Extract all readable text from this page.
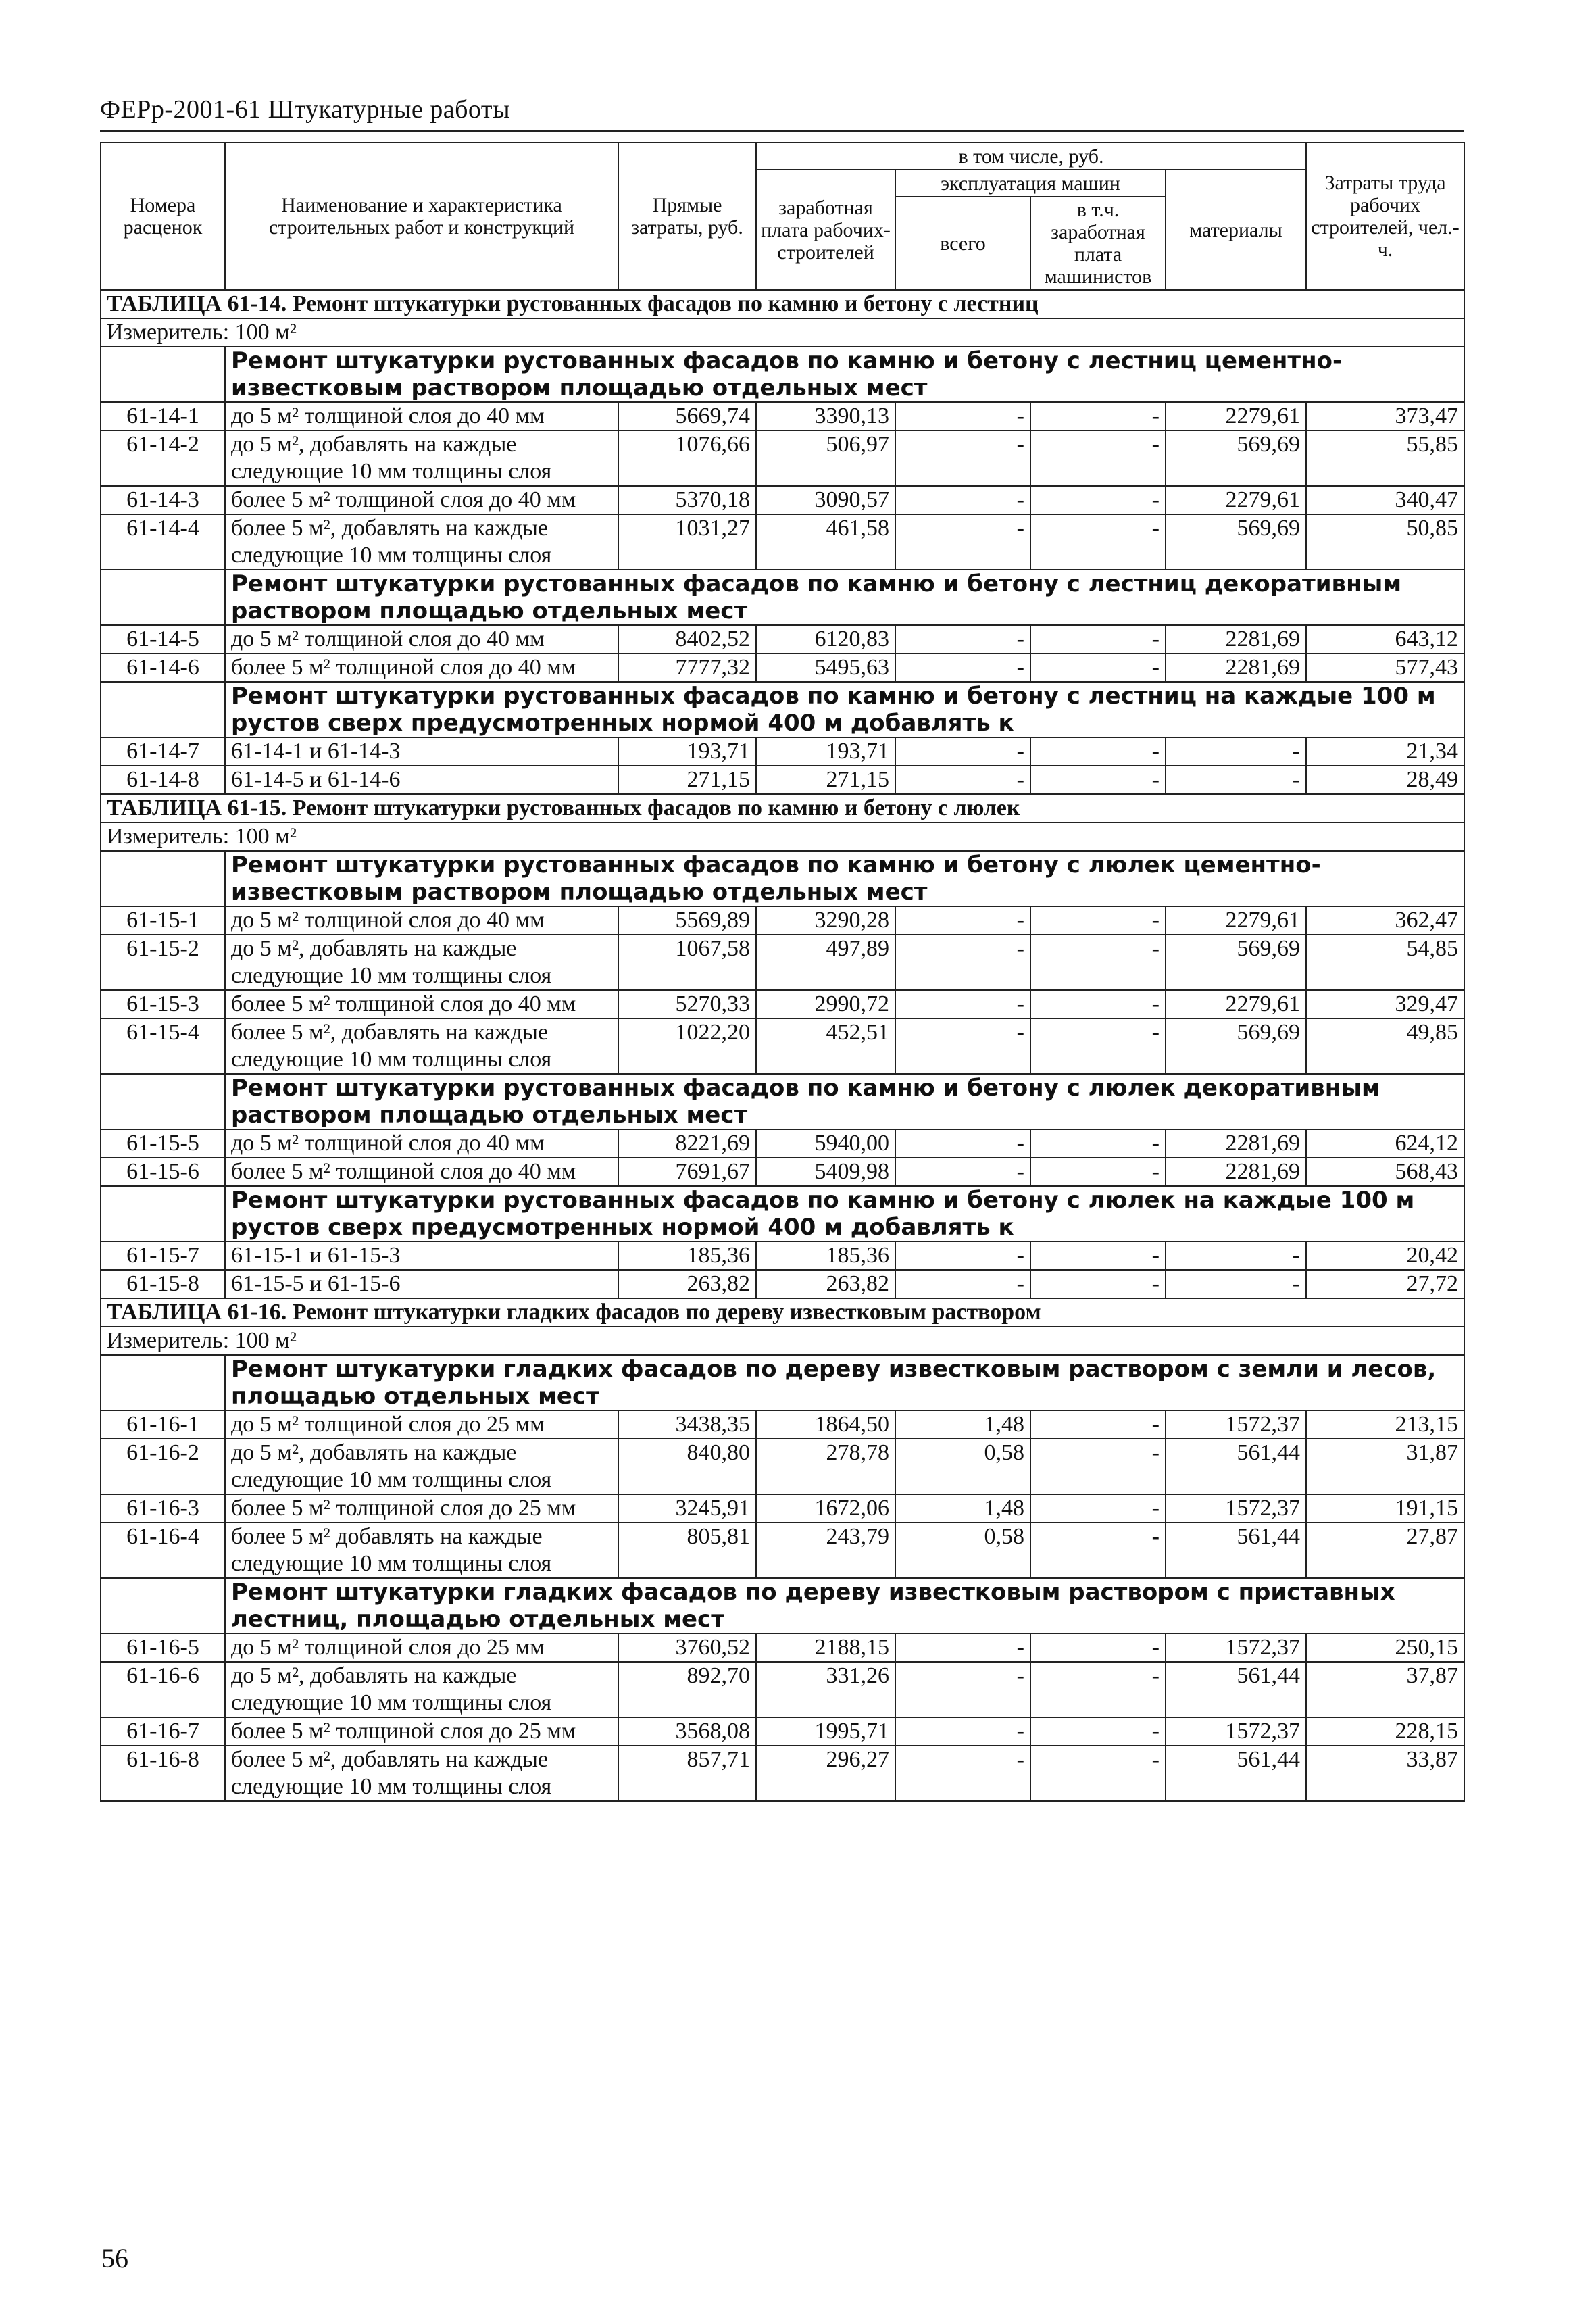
ФЕРр-2001-61 Штукатурные работы
Номера расценок	Наименование и характеристика строительных работ и конструкций	Прямые затраты, руб.	в том числе, руб.				Затраты труда рабочих строителей, чел.-ч.
			заработная плата рабочих-строителей	эксплуатация машин		материалы	
				всего	в т.ч. заработная плата машинистов		
ТАБЛИЦА 61-14. Ремонт штукатурки рустованных фасадов по камню и бетону с лестниц							
Измеритель: 100 м²							
	Ремонт штукатурки рустованных фасадов по камню и бетону с лестниц цементно-известковым раствором площадью отдельных мест						
61-14-1	до 5 м² толщиной слоя до 40 мм	5669,74	3390,13	-	-	2279,61	373,47
61-14-2	до 5 м², добавлять на каждые следующие 10 мм толщины слоя	1076,66	506,97	-	-	569,69	55,85
61-14-3	более 5 м² толщиной слоя до 40 мм	5370,18	3090,57	-	-	2279,61	340,47
61-14-4	более 5 м², добавлять на каждые следующие 10 мм толщины слоя	1031,27	461,58	-	-	569,69	50,85
	Ремонт штукатурки рустованных фасадов по камню и бетону с лестниц декоративным раствором площадью отдельных мест						
61-14-5	до 5 м² толщиной слоя до 40 мм	8402,52	6120,83	-	-	2281,69	643,12
61-14-6	более 5 м² толщиной слоя до 40 мм	7777,32	5495,63	-	-	2281,69	577,43
	Ремонт штукатурки рустованных фасадов по камню и бетону с лестниц на каждые 100 м рустов сверх предусмотренных нормой 400 м добавлять к						
61-14-7	61-14-1 и 61-14-3	193,71	193,71	-	-	-	21,34
61-14-8	61-14-5 и 61-14-6	271,15	271,15	-	-	-	28,49
ТАБЛИЦА 61-15. Ремонт штукатурки рустованных фасадов по камню и бетону с люлек							
Измеритель: 100 м²							
	Ремонт штукатурки рустованных фасадов по камню и бетону с люлек цементно-известковым раствором площадью отдельных мест						
61-15-1	до 5 м² толщиной слоя до 40 мм	5569,89	3290,28	-	-	2279,61	362,47
61-15-2	до 5 м², добавлять на каждые следующие 10 мм толщины слоя	1067,58	497,89	-	-	569,69	54,85
61-15-3	более 5 м² толщиной слоя до 40 мм	5270,33	2990,72	-	-	2279,61	329,47
61-15-4	более 5 м², добавлять на каждые следующие 10 мм толщины слоя	1022,20	452,51	-	-	569,69	49,85
	Ремонт штукатурки рустованных фасадов по камню и бетону с люлек декоративным раствором площадью отдельных мест						
61-15-5	до 5 м² толщиной слоя до 40 мм	8221,69	5940,00	-	-	2281,69	624,12
61-15-6	более 5 м² толщиной слоя до 40 мм	7691,67	5409,98	-	-	2281,69	568,43
	Ремонт штукатурки рустованных фасадов по камню и бетону с люлек на каждые 100 м рустов сверх предусмотренных нормой 400 м добавлять к						
61-15-7	61-15-1 и 61-15-3	185,36	185,36	-	-	-	20,42
61-15-8	61-15-5 и 61-15-6	263,82	263,82	-	-	-	27,72
ТАБЛИЦА 61-16. Ремонт штукатурки гладких фасадов по дереву известковым раствором							
Измеритель: 100 м²							
	Ремонт штукатурки гладких фасадов по дереву известковым раствором с земли и лесов, площадью отдельных мест						
61-16-1	до 5 м² толщиной слоя до 25 мм	3438,35	1864,50	1,48	-	1572,37	213,15
61-16-2	до 5 м², добавлять на каждые следующие 10 мм толщины слоя	840,80	278,78	0,58	-	561,44	31,87
61-16-3	более 5 м² толщиной слоя до 25 мм	3245,91	1672,06	1,48	-	1572,37	191,15
61-16-4	более 5 м² добавлять на каждые следующие 10 мм толщины слоя	805,81	243,79	0,58	-	561,44	27,87
	Ремонт штукатурки гладких фасадов по дереву известковым раствором с приставных лестниц, площадью отдельных мест						
61-16-5	до 5 м² толщиной слоя до 25 мм	3760,52	2188,15	-	-	1572,37	250,15
61-16-6	до 5 м², добавлять на каждые следующие 10 мм толщины слоя	892,70	331,26	-	-	561,44	37,87
61-16-7	более 5 м² толщиной слоя до 25 мм	3568,08	1995,71	-	-	1572,37	228,15
61-16-8	более 5 м², добавлять на каждые следующие 10 мм толщины слоя	857,71	296,27	-	-	561,44	33,87
56
